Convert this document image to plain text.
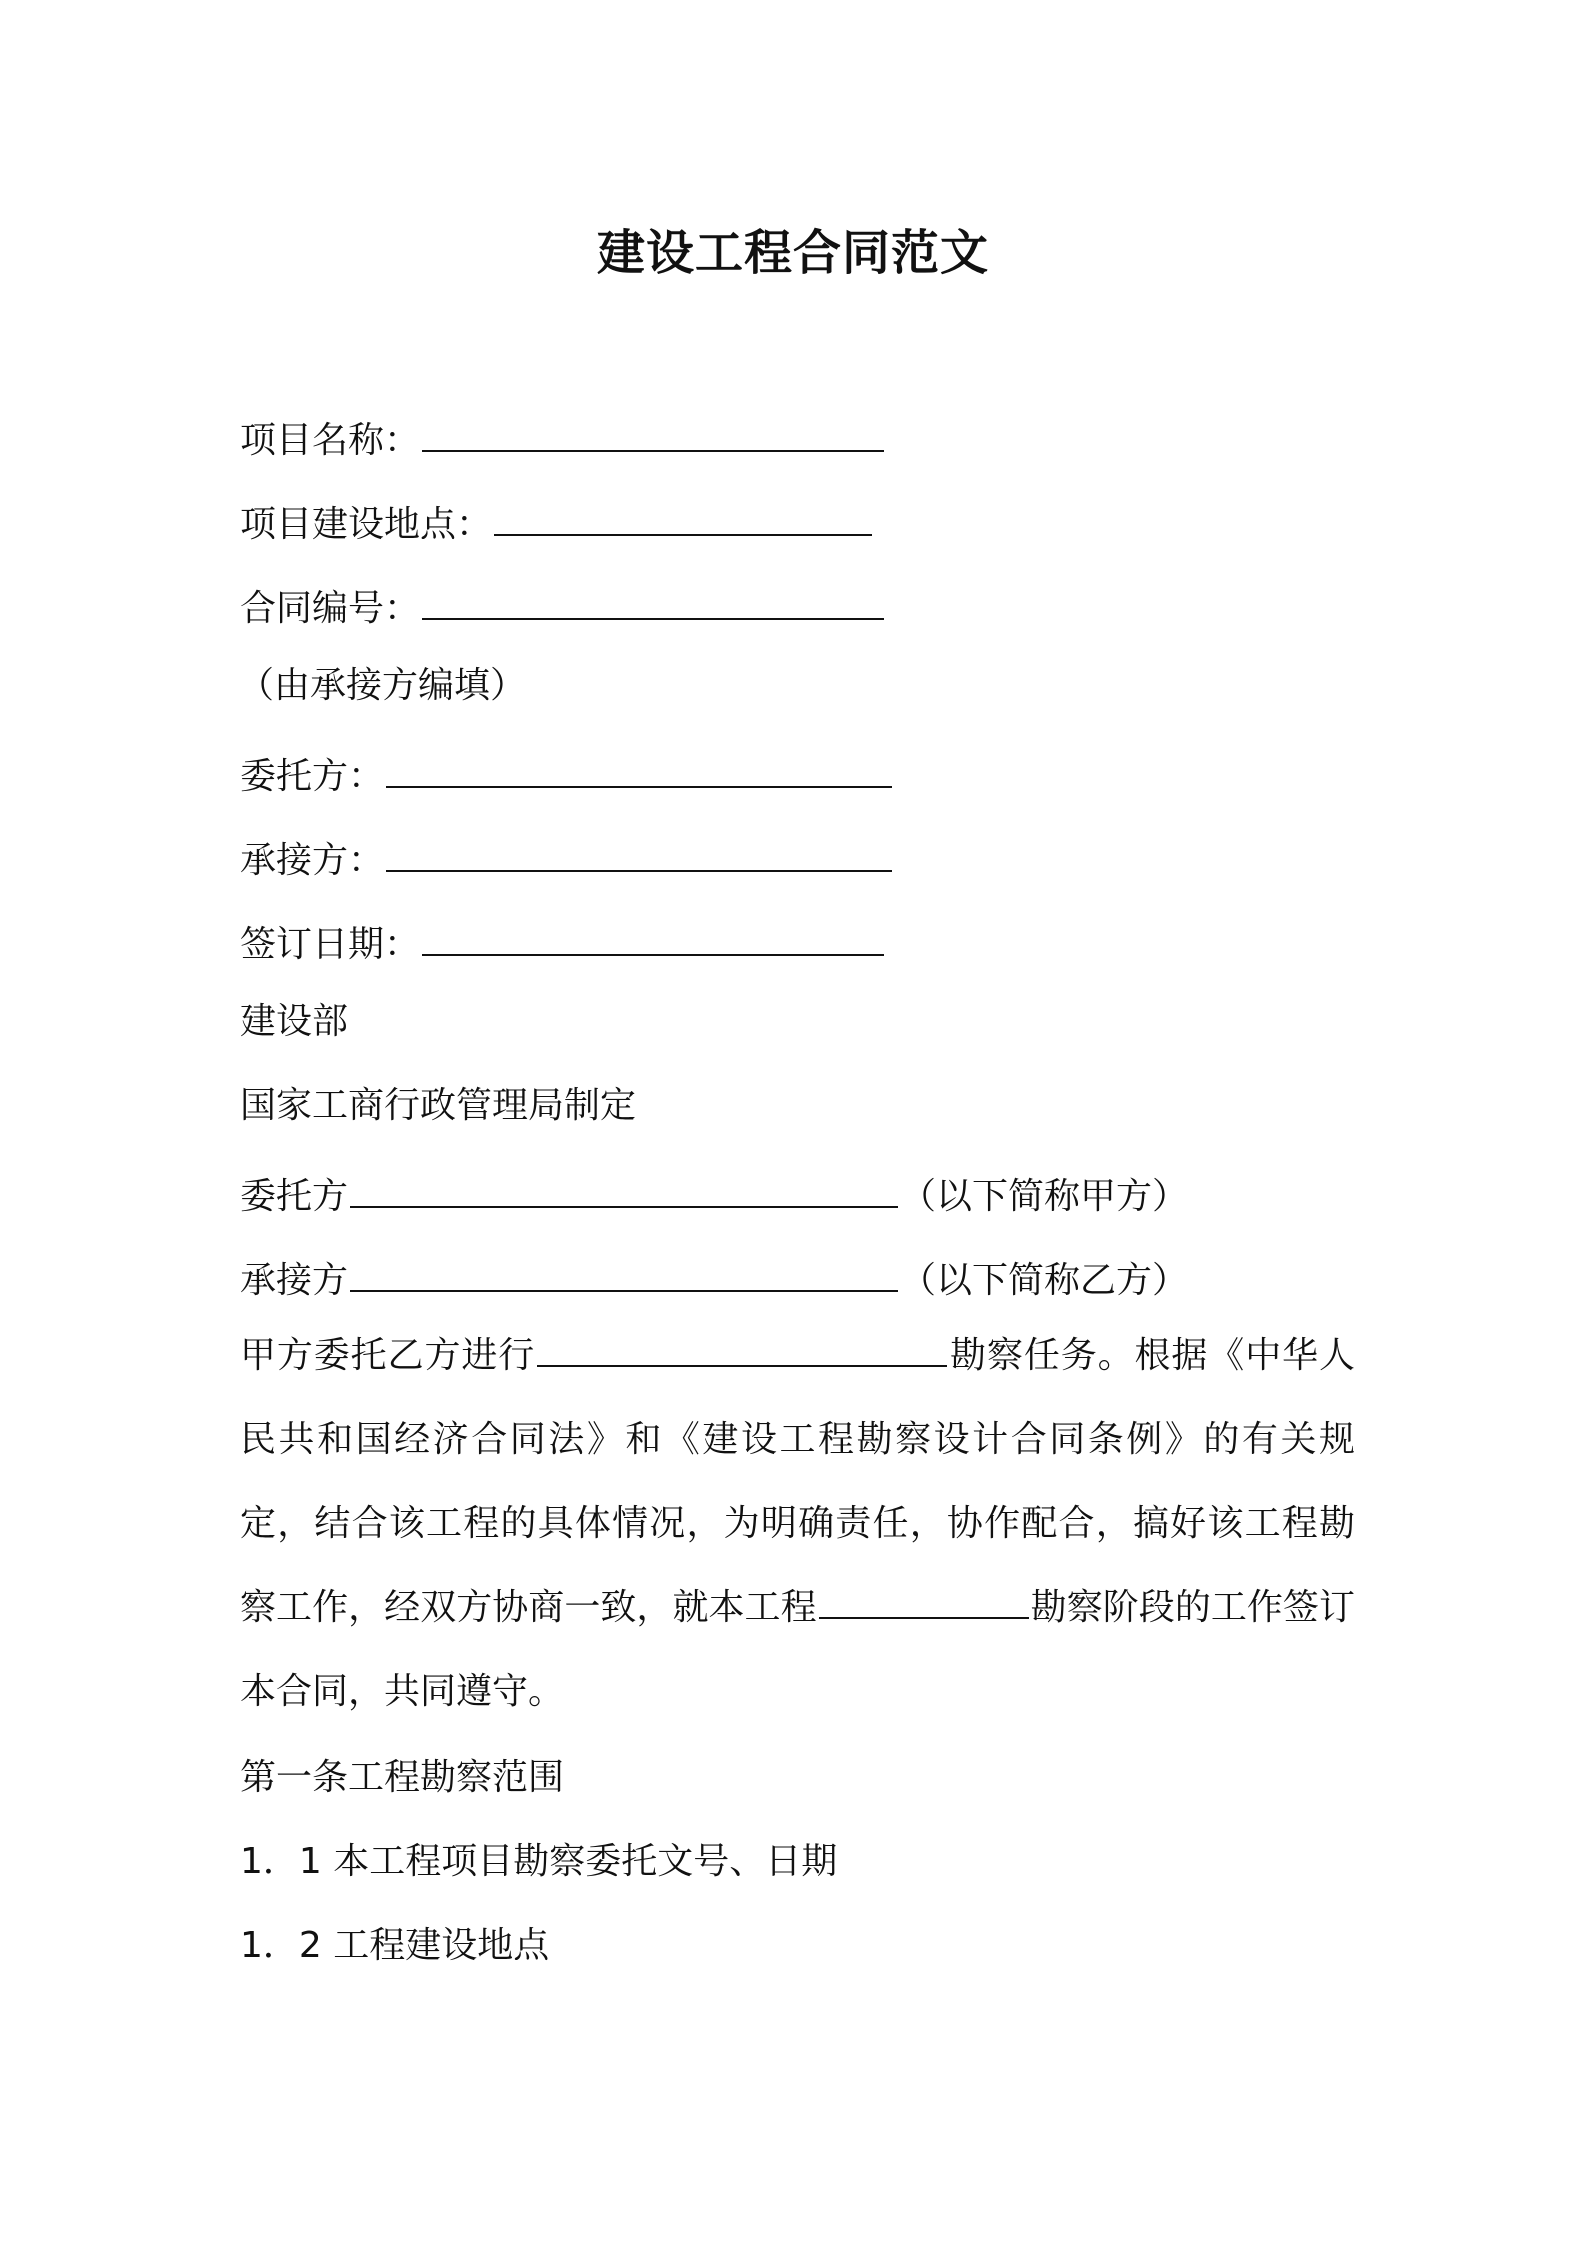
建设工程合同范文
项目名称：
项目建设地点：
合同编号：
（由承接方编填）
委托方：
承接方：
签订日期：
建设部
国家工商行政管理局制定
委托方	（以下简称甲方）
承接方	（以下简称乙方）

甲方委托乙方进行	勘察任务。根据《中华人民共和国经济合同法》和《建设工程勘察设计合同条例》的有关规定，结合该工程的具体情况，为明确责任，协作配合，搞好该工程勘察工作，经双方协商一致，就本工程	勘察阶段的工作签订本合同，共同遵守。

第一条工程勘察范围
1．1 本工程项目勘察委托文号、日期
1．2 工程建设地点
